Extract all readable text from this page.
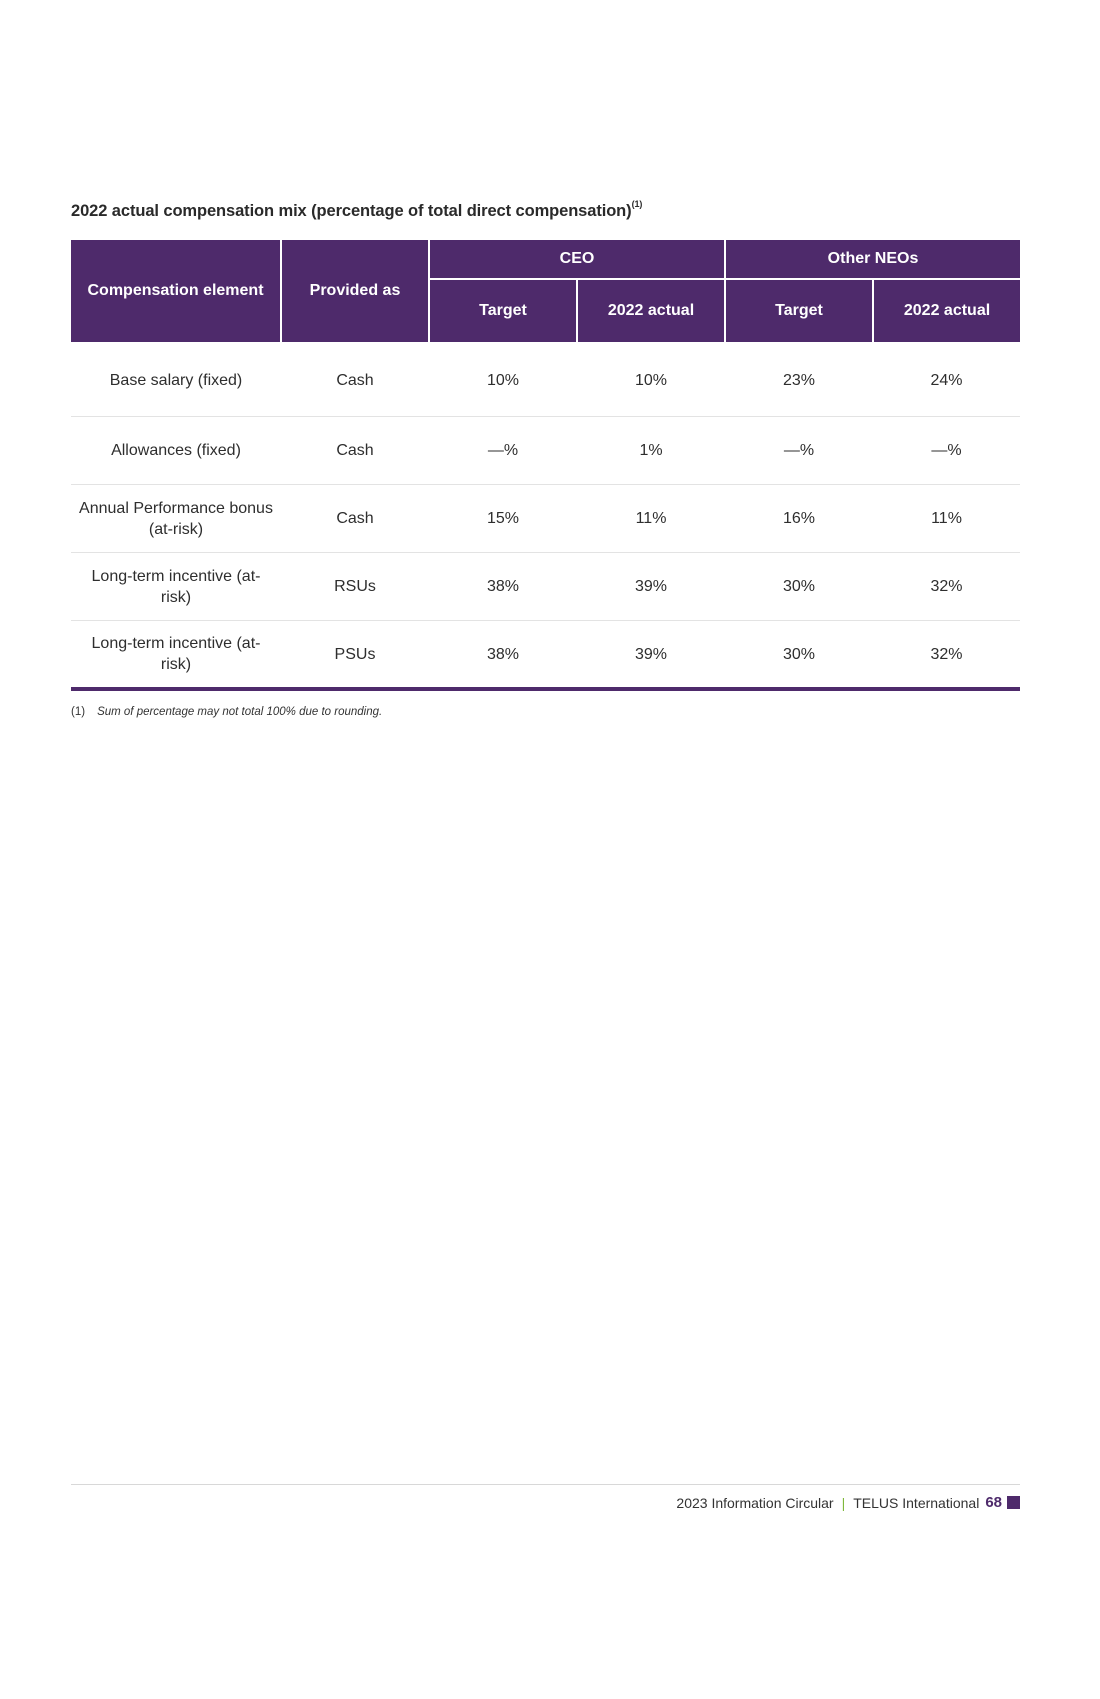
2022 actual compensation mix (percentage of total direct compensation)$^{(1)}$
Compensation element	Provided as	CEO		Other NEOs	
		Target	2022 actual	Target	2022 actual
Base salary (fixed)	Cash	10%	10%	23%	24%
Allowances (fixed)	Cash	—%	1%	—%	—%
Annual Performance bonus (at-risk)	Cash	15%	11%	16%	11%
Long-term incentive (at-risk)	RSUs	38%	39%	30%	32%
Long-term incentive (at-risk)	PSUs	38%	39%	30%	32%
(1) Sum of percentage may not total 100% due to rounding.
2023 Information Circular | TELUS International 68
